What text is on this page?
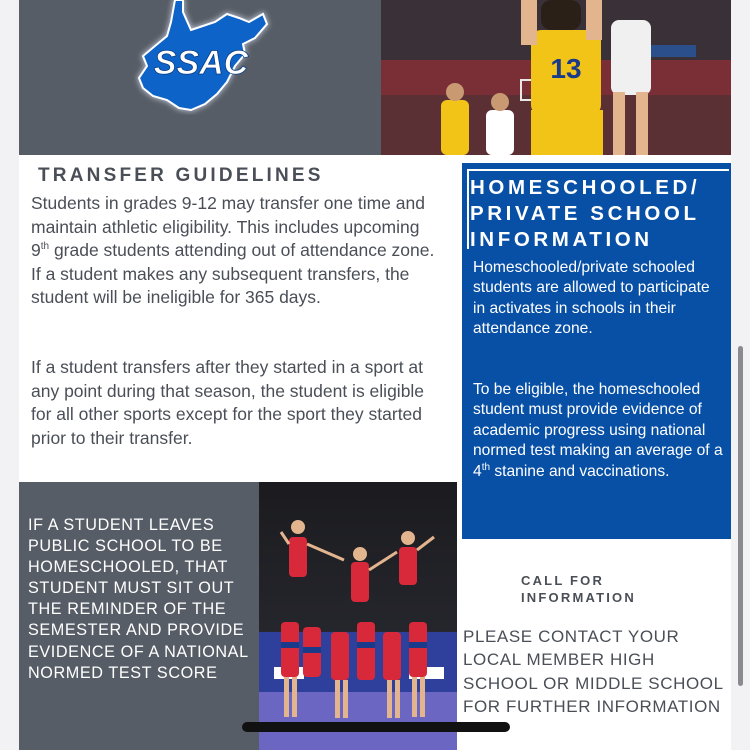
SSAC	13
TRANSFER GUIDELINES

Students in grades 9-12 may transfer one time and maintain athletic eligibility. This includes upcoming 9th grade students attending out of attendance zone. If a student makes any subsequent transfers, the student will be ineligible for 365 days.

If a student transfers after they started in a sport at any point during that season, the student is eligible for all other sports except for the sport they started prior to their transfer.

HOMESCHOOLED/
PRIVATE SCHOOL
INFORMATION

Homeschooled/private schooled students are allowed to participate in activates in schools in their attendance zone.

To be eligible, the homeschooled student must provide evidence of academic progress using national normed test making an average of a 4th stanine and vaccinations.

IF A STUDENT LEAVES PUBLIC SCHOOL TO BE HOMESCHOOLED, THAT STUDENT MUST SIT OUT THE REMINDER OF THE SEMESTER AND PROVIDE EVIDENCE OF A NATIONAL NORMED TEST SCORE

CALL FOR INFORMATION

PLEASE CONTACT YOUR LOCAL MEMBER HIGH SCHOOL OR MIDDLE SCHOOL FOR FURTHER INFORMATION
